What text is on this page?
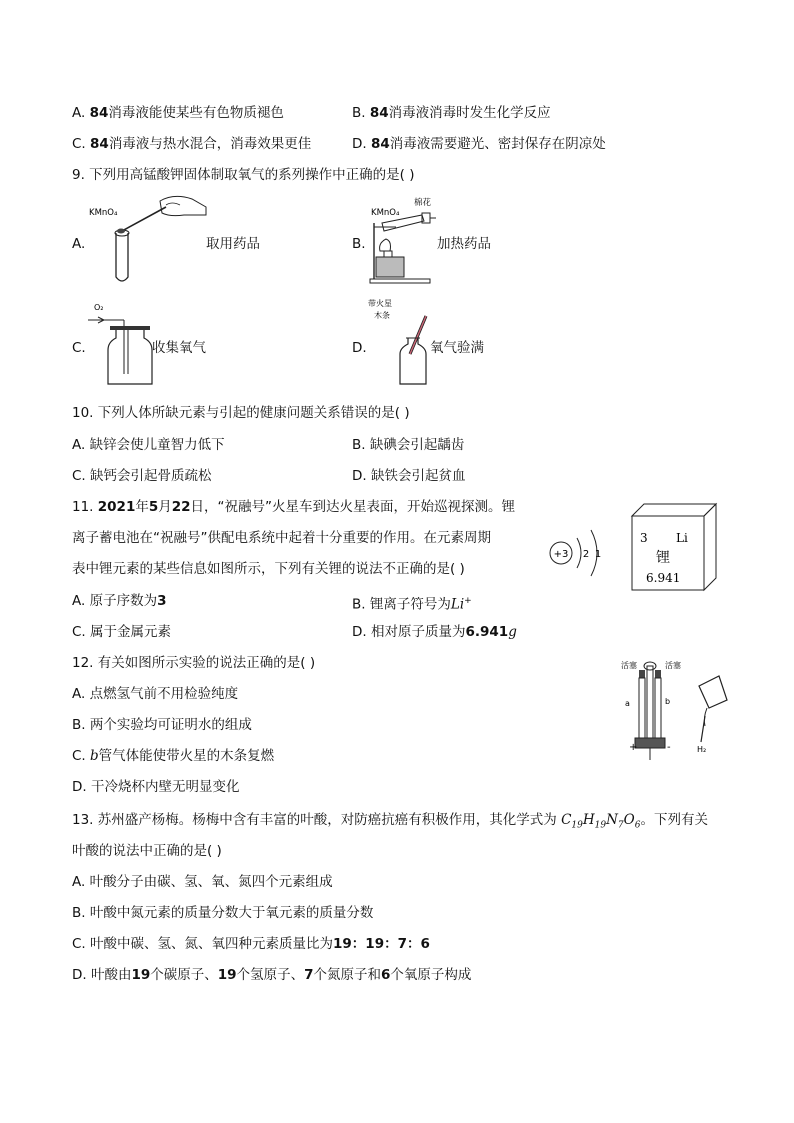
A. 84消毒液能使某些有色物质褪色	B. 84消毒液消毒时发生化学反应
C. 84消毒液与热水混合，消毒效果更佳	D. 84消毒液需要避光、密封保存在阴凉处
9. 下列用高锰酸钾固体制取氧气的系列操作中正确的是( )
A.
KMnO₄
取用药品	B.
KMnO₄
棉花
加热药品
C.
O₂
收集氧气	D.
带火星
木条
氧气验满
10. 下列人体所缺元素与引起的健康问题关系错误的是( )
A. 缺锌会使儿童智力低下	B. 缺碘会引起龋齿
C. 缺钙会引起骨质疏松	D. 缺铁会引起贫血
11. 2021年5月22日，“祝融号”火星车到达火星表面，开始巡视探测。锂
离子蓄电池在“祝融号”供配电系统中起着十分重要的作用。在元素周期
表中锂元素的某些信息如图所示，下列有关锂的说法不正确的是( )
+3 2 1
3 Li
锂
6.941
A. 原子序数为3	B. 锂离子符号为Li+
C. 属于金属元素	D. 相对原子质量为6.941g
12. 有关如图所示实验的说法正确的是( )
A. 点燃氢气前不用检验纯度
B. 两个实验均可证明水的组成
C. b管气体能使带火星的木条复燃
D. 干冷烧杯内壁无明显变化
活塞	活塞
a	b
+	-	H₂
13. 苏州盛产杨梅。杨梅中含有丰富的叶酸，对防癌抗癌有积极作用，其化学式为 $C_{19}H_{19}N_7O_6$。下列有关
叶酸的说法中正确的是( )
A. 叶酸分子由碳、氢、氧、氮四个元素组成
B. 叶酸中氮元素的质量分数大于氧元素的质量分数
C. 叶酸中碳、氢、氮、氧四种元素质量比为19：19：7：6
D. 叶酸由19个碳原子、19个氢原子、7个氮原子和6个氧原子构成
